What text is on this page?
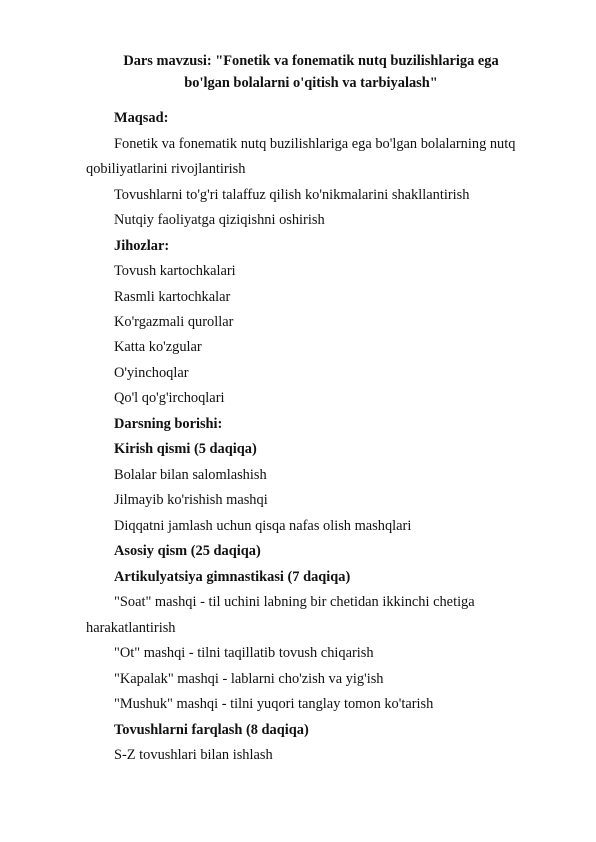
Dars mavzusi: "Fonetik va fonematik nutq buzilishlariga ega
bo'lgan bolalarni o'qitish va tarbiyalash"
Maqsad:
Fonetik va fonematik nutq buzilishlariga ega bo'lgan bolalarning nutq
qobiliyatlarini rivojlantirish
Tovushlarni to'g'ri talaffuz qilish ko'nikmalarini shakllantirish
Nutqiy faoliyatga qiziqishni oshirish
Jihozlar:
Tovush kartochkalari
Rasmli kartochkalar
Ko'rgazmali qurollar
Katta ko'zgular
O'yinchoqlar
Qo'l qo'g'irchoqlari
Darsning borishi:
Kirish qismi (5 daqiqa)
Bolalar bilan salomlashish
Jilmayib ko'rishish mashqi
Diqqatni jamlash uchun qisqa nafas olish mashqlari
Asosiy qism (25 daqiqa)
Artikulyatsiya gimnastikasi (7 daqiqa)
"Soat" mashqi - til uchini labning bir chetidan ikkinchi chetiga
harakatlantirish
"Ot" mashqi - tilni taqillatib tovush chiqarish
"Kapalak" mashqi - lablarni cho'zish va yig'ish
"Mushuk" mashqi - tilni yuqori tanglay tomon ko'tarish
Tovushlarni farqlash (8 daqiqa)
S-Z tovushlari bilan ishlash
